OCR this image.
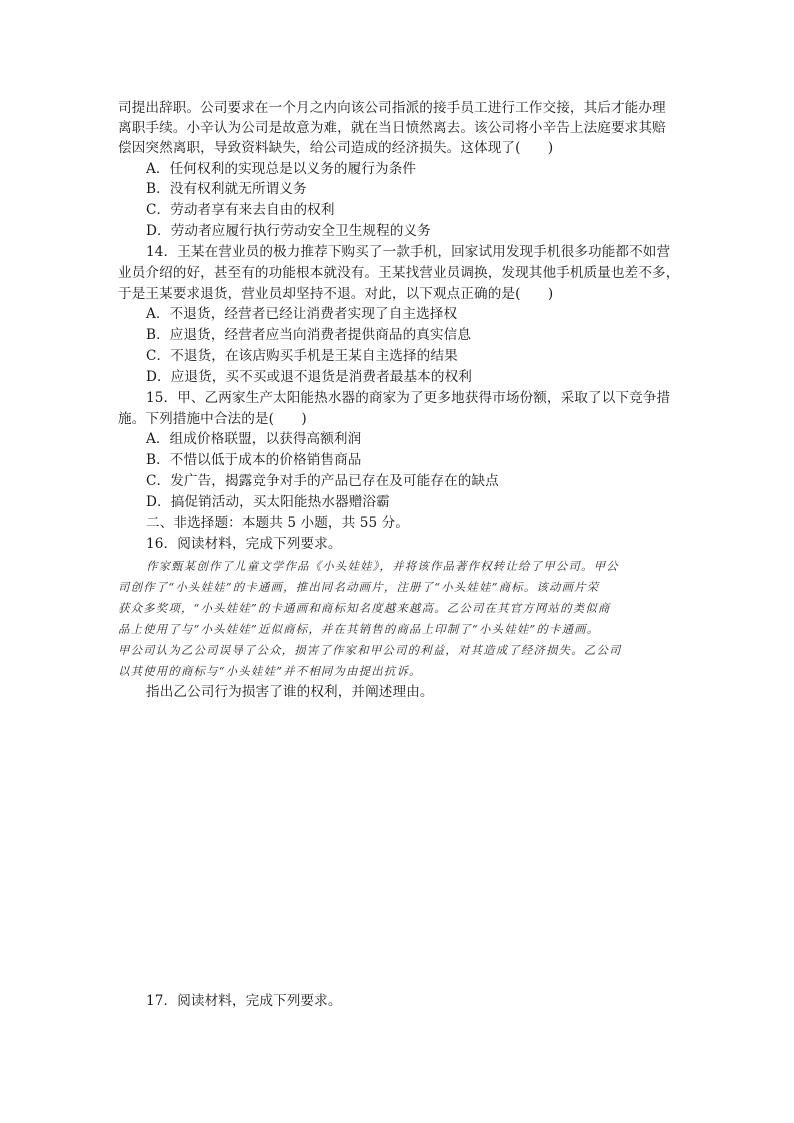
司提出辞职。公司要求在一个月之内向该公司指派的接手员工进行工作交接，其后才能办理
离职手续。小辛认为公司是故意为难，就在当日愤然离去。该公司将小辛告上法庭要求其赔
偿因突然离职，导致资料缺失，给公司造成的经济损失。这体现了(　　)
A．任何权利的实现总是以义务的履行为条件
B．没有权利就无所谓义务
C．劳动者享有来去自由的权利
D．劳动者应履行执行劳动安全卫生规程的义务
14．王某在营业员的极力推荐下购买了一款手机，回家试用发现手机很多功能都不如营
业员介绍的好，甚至有的功能根本就没有。王某找营业员调换，发现其他手机质量也差不多，
于是王某要求退货，营业员却坚持不退。对此，以下观点正确的是(　　)
A．不退货，经营者已经让消费者实现了自主选择权
B．应退货，经营者应当向消费者提供商品的真实信息
C．不退货，在该店购买手机是王某自主选择的结果
D．应退货，买不买或退不退货是消费者最基本的权利
15．甲、乙两家生产太阳能热水器的商家为了更多地获得市场份额，采取了以下竞争措
施。下列措施中合法的是(　　)
A．组成价格联盟，以获得高额利润
B．不惜以低于成本的价格销售商品
C．发广告，揭露竞争对手的产品已存在及可能存在的缺点
D．搞促销活动，买太阳能热水器赠浴霸
二、非选择题：本题共 5 小题，共 55 分。
16．阅读材料，完成下列要求。
作家甄某创作了儿童文学作品《小头娃娃》，并将该作品著作权转让给了甲公司。甲公
司创作了“小头娃娃”的卡通画，推出同名动画片，注册了“小头娃娃”商标。该动画片荣
获众多奖项，“小头娃娃”的卡通画和商标知名度越来越高。乙公司在其官方网站的类似商
品上使用了与“小头娃娃”近似商标，并在其销售的商品上印制了“小头娃娃”的卡通画。
甲公司认为乙公司误导了公众，损害了作家和甲公司的利益，对其造成了经济损失。乙公司
以其使用的商标与“小头娃娃”并不相同为由提出抗诉。
指出乙公司行为损害了谁的权利，并阐述理由。
17．阅读材料，完成下列要求。
